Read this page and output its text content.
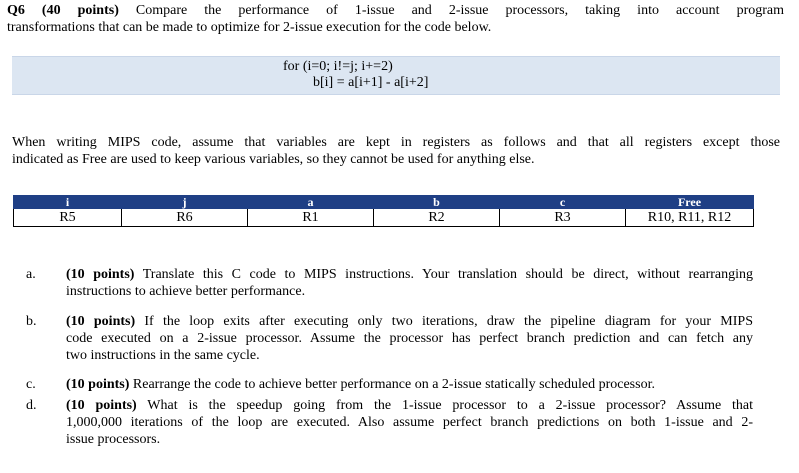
Q6 (40 points) Compare the performance of 1-issue and 2-issue processors, taking into account program
transformations that can be made to optimize for 2-issue execution for the code below.
for (i=0; i!=j; i+=2)
b[i] = a[i+1] - a[i+2]
When writing MIPS code, assume that variables are kept in registers as follows and that all registers except those
indicated as Free are used to keep various variables, so they cannot be used for anything else.
i	j	a	b	c	Free
R5	R6	R1	R2	R3	R10, R11, R12
a.	(10 points) Translate this C code to MIPS instructions. Your translation should be direct, without rearranging
instructions to achieve better performance.
b.	(10 points) If the loop exits after executing only two iterations, draw the pipeline diagram for your MIPS
code executed on a 2-issue processor. Assume the processor has perfect branch prediction and can fetch any
two instructions in the same cycle.
c.	(10 points) Rearrange the code to achieve better performance on a 2-issue statically scheduled processor.
d.	(10 points) What is the speedup going from the 1-issue processor to a 2-issue processor? Assume that
1,000,000 iterations of the loop are executed. Also assume perfect branch predictions on both 1-issue and 2-
issue processors.
